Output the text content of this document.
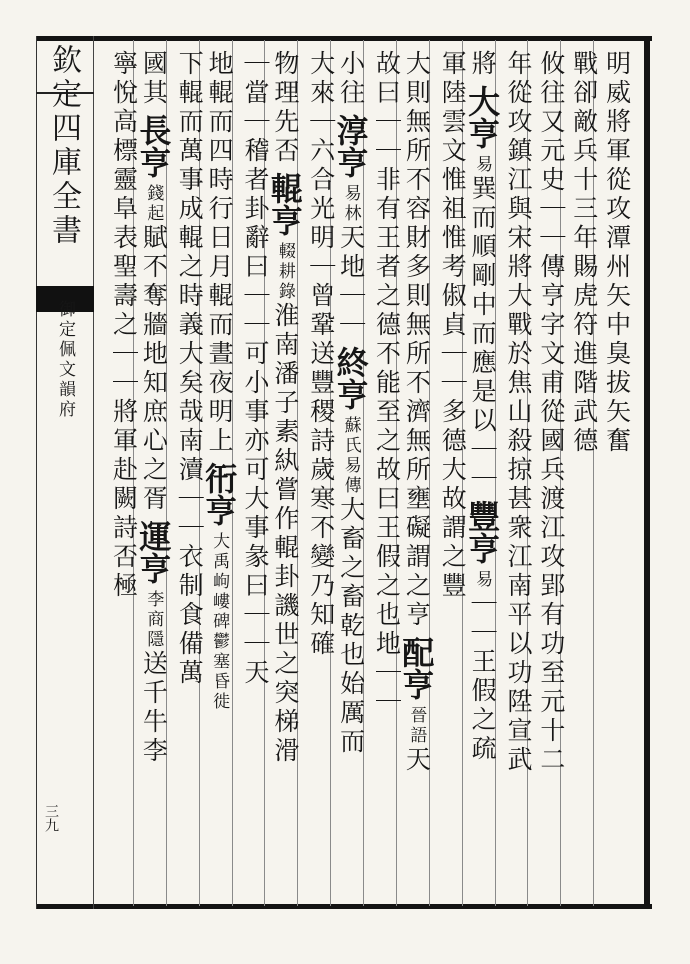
欽定四庫全書
御定佩文韻府
三九
明威將軍從攻潭州矢中臭拔矢奮
戰卻敵兵十三年賜虎符進階武德
攸往又元史｜｜傳亨字文甫從國兵渡江攻郢有功至元十二
年從攻鎮江與宋將大戰於焦山殺掠甚衆江南平以功陞宣武
將大亨易巽而順剛中而應是以｜｜豐亨易｜｜王假之疏
軍陸雲文惟祖惟考俶貞｜｜多德大故謂之豐
大則無所不容財多則無所不濟無所壅礙謂之亨配亨晉語天
故曰｜｜非有王者之德不能至之故曰王假之也地｜｜
小往淳亨易林天地｜｜終亨蘇氏易傳大畜之畜乾也始厲而
大來｜六合光明｜曾鞏送豐稷詩歲寒不變乃知確
物理先否輥亨輟耕錄淮南潘子素紈嘗作輥卦譏世之突梯滑
｜當｜稽者卦辭曰｜｜可小事亦可大事彖曰｜｜天
地輥而四時行日月輥而晝夜明上衎亨大禹岣嶁碑鬱塞昏徙
下輥而萬事成輥之時義大矣哉南瀆｜｜衣制食備萬
國其長亨錢起賦不奪牆地知庶心之胥運亨李商隱送千牛李
寧悅高標靈阜表聖壽之｜｜將軍赴闕詩否極
